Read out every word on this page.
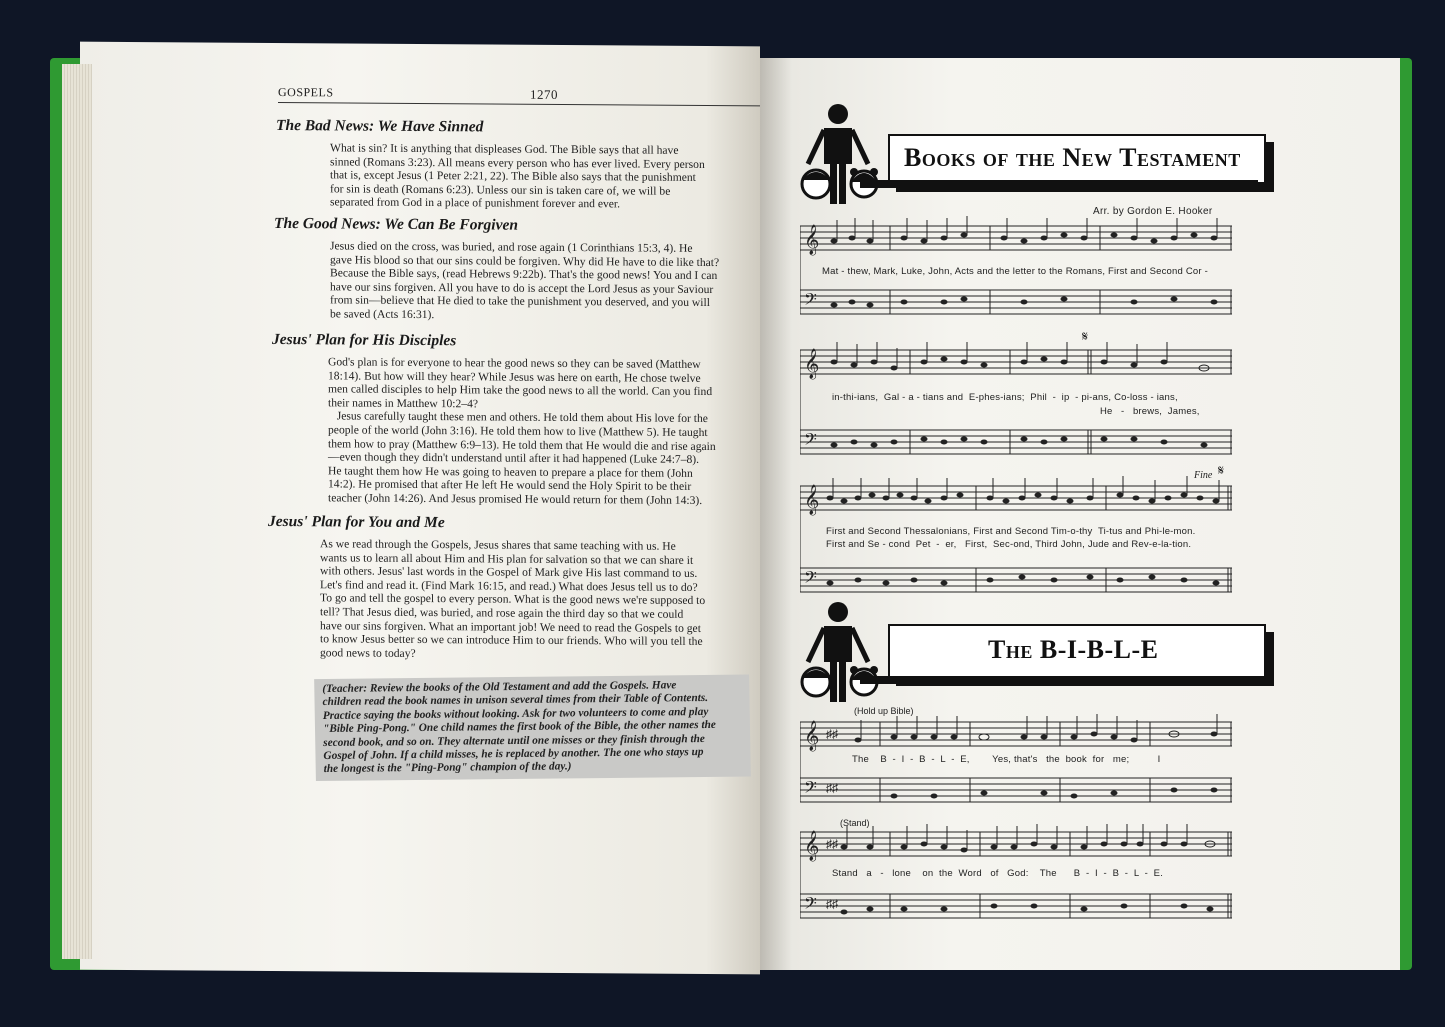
GOSPELS	1270
The Bad News: We Have Sinned
What is sin? It is anything that displeases God. The Bible says that all have
sinned (Romans 3:23). All means every person who has ever lived. Every person
that is, except Jesus (1 Peter 2:21, 22). The Bible also says that the punishment
for sin is death (Romans 6:23). Unless our sin is taken care of, we will be
separated from God in a place of punishment forever and ever.
The Good News: We Can Be Forgiven
Jesus died on the cross, was buried, and rose again (1 Corinthians 15:3, 4). He
gave His blood so that our sins could be forgiven. Why did He have to die like that?
Because the Bible says, (read Hebrews 9:22b). That's the good news! You and I can
have our sins forgiven. All you have to do is accept the Lord Jesus as your Saviour
from sin—believe that He died to take the punishment you deserved, and you will
be saved (Acts 16:31).
Jesus' Plan for His Disciples
God's plan is for everyone to hear the good news so they can be saved (Matthew
18:14). But how will they hear? While Jesus was here on earth, He chose twelve
men called disciples to help Him take the good news to all the world. Can you find
their names in Matthew 10:2–4?
Jesus carefully taught these men and others. He told them about His love for the
people of the world (John 3:16). He told them how to live (Matthew 5). He taught
them how to pray (Matthew 6:9–13). He told them that He would die and rise again
—even though they didn't understand until after it had happened (Luke 24:7–8).
He taught them how He was going to heaven to prepare a place for them (John
14:2). He promised that after He left He would send the Holy Spirit to be their
teacher (John 14:26). And Jesus promised He would return for them (John 14:3).
Jesus' Plan for You and Me
As we read through the Gospels, Jesus shares that same teaching with us. He
wants us to learn all about Him and His plan for salvation so that we can share it
with others. Jesus' last words in the Gospel of Mark give His last command to us.
Let's find and read it. (Find Mark 16:15, and read.) What does Jesus tell us to do?
To go and tell the gospel to every person. What is the good news we're supposed to
tell? That Jesus died, was buried, and rose again the third day so that we could
have our sins forgiven. What an important job! We need to read the Gospels to get
to know Jesus better so we can introduce Him to our friends. Who will you tell the
good news to today?
(Teacher: Review the books of the Old Testament and add the Gospels. Have
children read the book names in unison several times from their Table of Contents.
Practice saying the books without looking. Ask for two volunteers to come and play
"Bible Ping-Pong." One child names the first book of the Bible, the other names the
second book, and so on. They alternate until one misses or they finish through the
Gospel of John. If a child misses, he is replaced by another. The one who stays up
the longest is the "Ping-Pong" champion of the day.)
Books of the New Testament
Arr. by Gordon E. Hooker
𝄞
𝄢
Mat - thew, Mark, Luke, John, Acts and the letter to the Romans, First and Second Cor -
𝄞
𝄢
𝄋
in-thi-ians,  Gal - a - tians and  E-phes-ians;  Phil  -  ip  - pi-ans, Co-loss - ians,
He   -   brews,  James,
𝄞
𝄢
Fine 𝄋
First and Second Thessalonians, First and Second Tim-o-thy  Ti-tus and Phi-le-mon.
First and Se - cond  Pet  -  er,   First,  Sec-ond, Third John, Jude and Rev-e-la-tion.
The B-I-B-L-E
(Hold up Bible)
𝄞
𝄢
♯♯
♯♯
The    B  -  I  -  B  -  L  -  E,        Yes, that's   the  book  for   me;          I
(Stand)
𝄞
𝄢
♯♯
♯♯
Stand   a   -   lone    on  the  Word   of   God:    The      B  -  I  -  B  -  L  -  E.
